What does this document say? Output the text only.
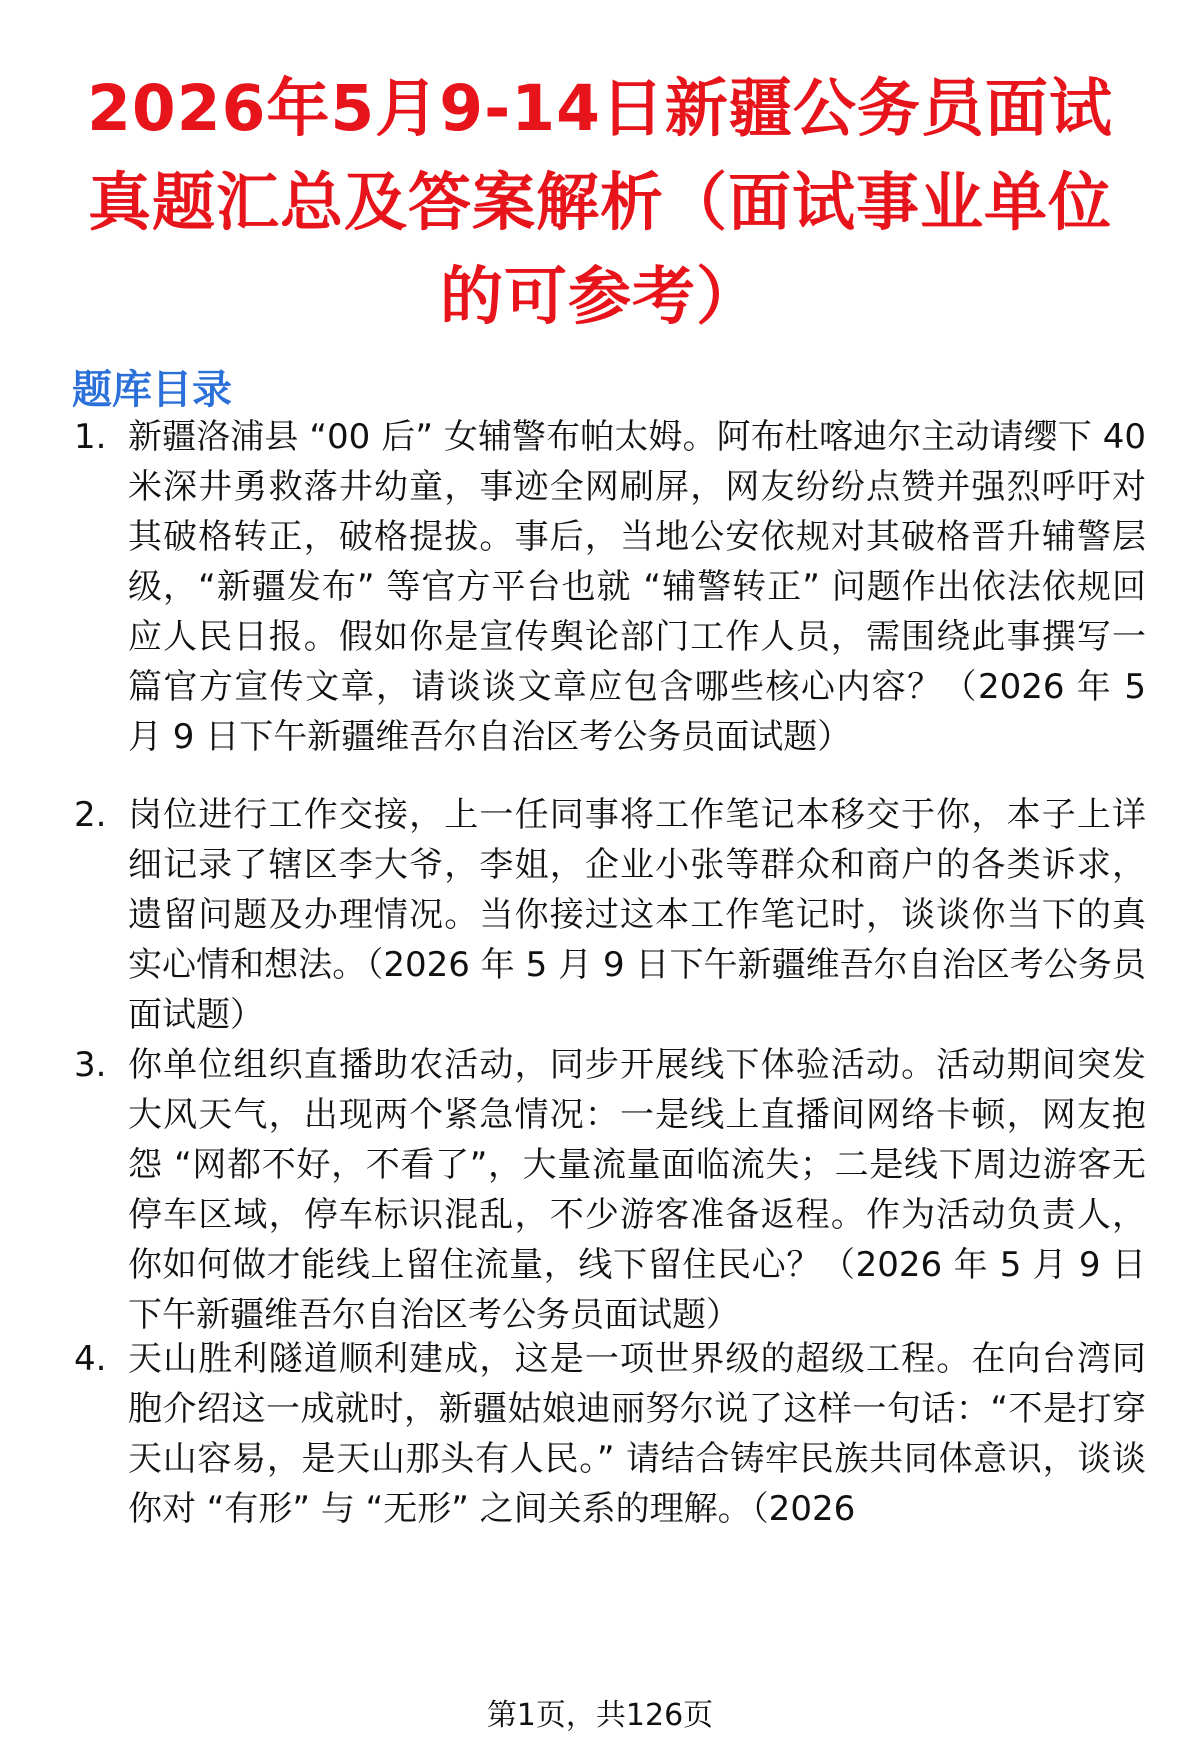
2026年5月9-14日新疆公务员面试真题汇总及答案解析（面试事业单位的可参考）
题库目录
1. 新疆洛浦县 “00 后” 女辅警布帕太姆。阿布杜喀迪尔主动请缨下 40 米深井勇救落井幼童，事迹全网刷屏，网友纷纷点赞并强烈呼吁对其破格转正，破格提拔。事后，当地公安依规对其破格晋升辅警层级，“新疆发布” 等官方平台也就 “辅警转正” 问题作出依法依规回应人民日报。假如你是宣传舆论部门工作人员，需围绕此事撰写一篇官方宣传文章，请谈谈文章应包含哪些核心内容？（2026 年 5 月 9 日下午新疆维吾尔自治区考公务员面试题）
2. 岗位进行工作交接，上一任同事将工作笔记本移交于你，本子上详细记录了辖区李大爷，李姐，企业小张等群众和商户的各类诉求，遗留问题及办理情况。当你接过这本工作笔记时，谈谈你当下的真实心情和想法。（2026 年 5 月 9 日下午新疆维吾尔自治区考公务员面试题）
3. 你单位组织直播助农活动，同步开展线下体验活动。活动期间突发大风天气，出现两个紧急情况：一是线上直播间网络卡顿，网友抱怨 “网都不好，不看了”，大量流量面临流失；二是线下周边游客无停车区域，停车标识混乱，不少游客准备返程。作为活动负责人，你如何做才能线上留住流量，线下留住民心？（2026 年 5 月 9 日下午新疆维吾尔自治区考公务员面试题）
4. 天山胜利隧道顺利建成，这是一项世界级的超级工程。在向台湾同胞介绍这一成就时，新疆姑娘迪丽努尔说了这样一句话：“不是打穿天山容易，是天山那头有人民。” 请结合铸牢民族共同体意识，谈谈你对 “有形” 与 “无形” 之间关系的理解。（2026
第1页，共126页
